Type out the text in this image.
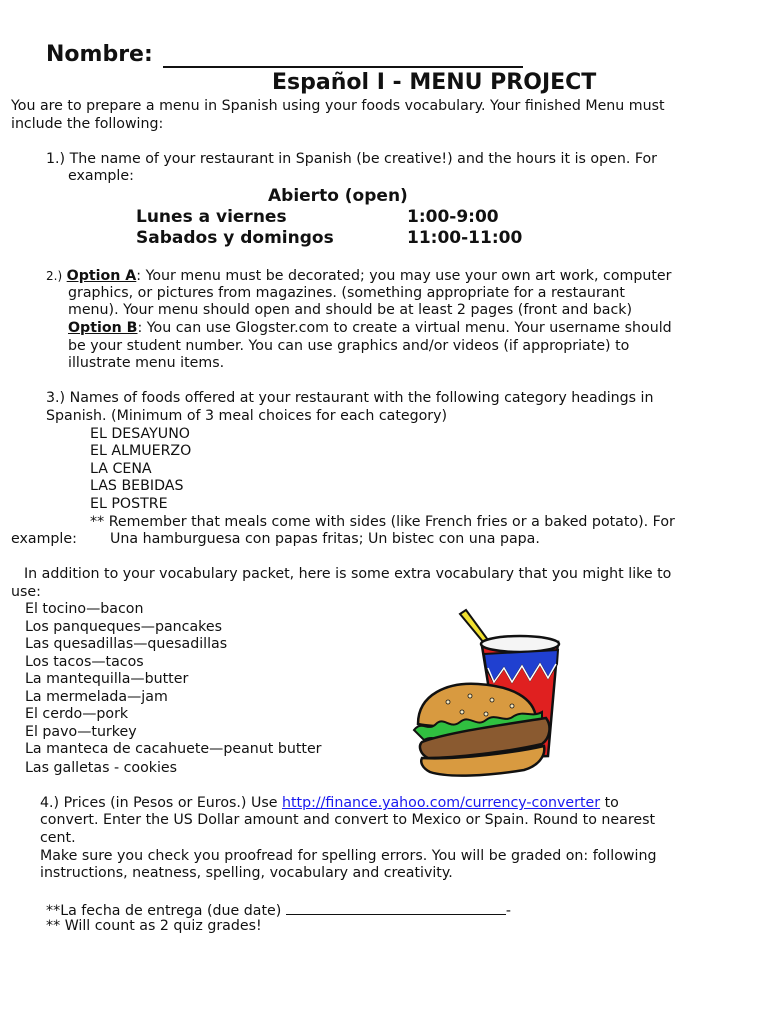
Nombre:
Español I - MENU PROJECT
You are to prepare a menu in Spanish using your foods vocabulary. Your finished Menu must
include the following:
1.) The name of your restaurant in Spanish (be creative!) and the hours it is open. For
example:
Abierto (open)
Lunes a viernes	1:00-9:00
Sabados y domingos	11:00-11:00
2.) Option A: Your menu must be decorated; you may use your own art work, computer
graphics, or pictures from magazines. (something appropriate for a restaurant
menu). Your menu should open and should be at least 2 pages (front and back)
Option B: You can use Glogster.com to create a virtual menu. Your username should
be your student number. You can use graphics and/or videos (if appropriate) to
illustrate menu items.
3.) Names of foods offered at your restaurant with the following category headings in
Spanish. (Minimum of 3 meal choices for each category)
EL DESAYUNO
EL ALMUERZO
LA CENA
LAS BEBIDAS
EL POSTRE
** Remember that meals come with sides (like French fries or a baked potato). For
example: Una hamburguesa con papas fritas; Un bistec con una papa.
In addition to your vocabulary packet, here is some extra vocabulary that you might like to
use:
El tocino—bacon
Los panqueques—pancakes
Las quesadillas—quesadillas
Los tacos—tacos
La mantequilla—butter
La mermelada—jam
El cerdo—pork
El pavo—turkey
La manteca de cacahuete—peanut butter
Las galletas - cookies
4.) Prices (in Pesos or Euros.) Use http://finance.yahoo.com/currency-converter to
convert. Enter the US Dollar amount and convert to Mexico or Spain. Round to nearest
cent.
Make sure you check you proofread for spelling errors. You will be graded on: following
instructions, neatness, spelling, vocabulary and creativity.
**La fecha de entrega (due date)	-
** Will count as 2 quiz grades!
